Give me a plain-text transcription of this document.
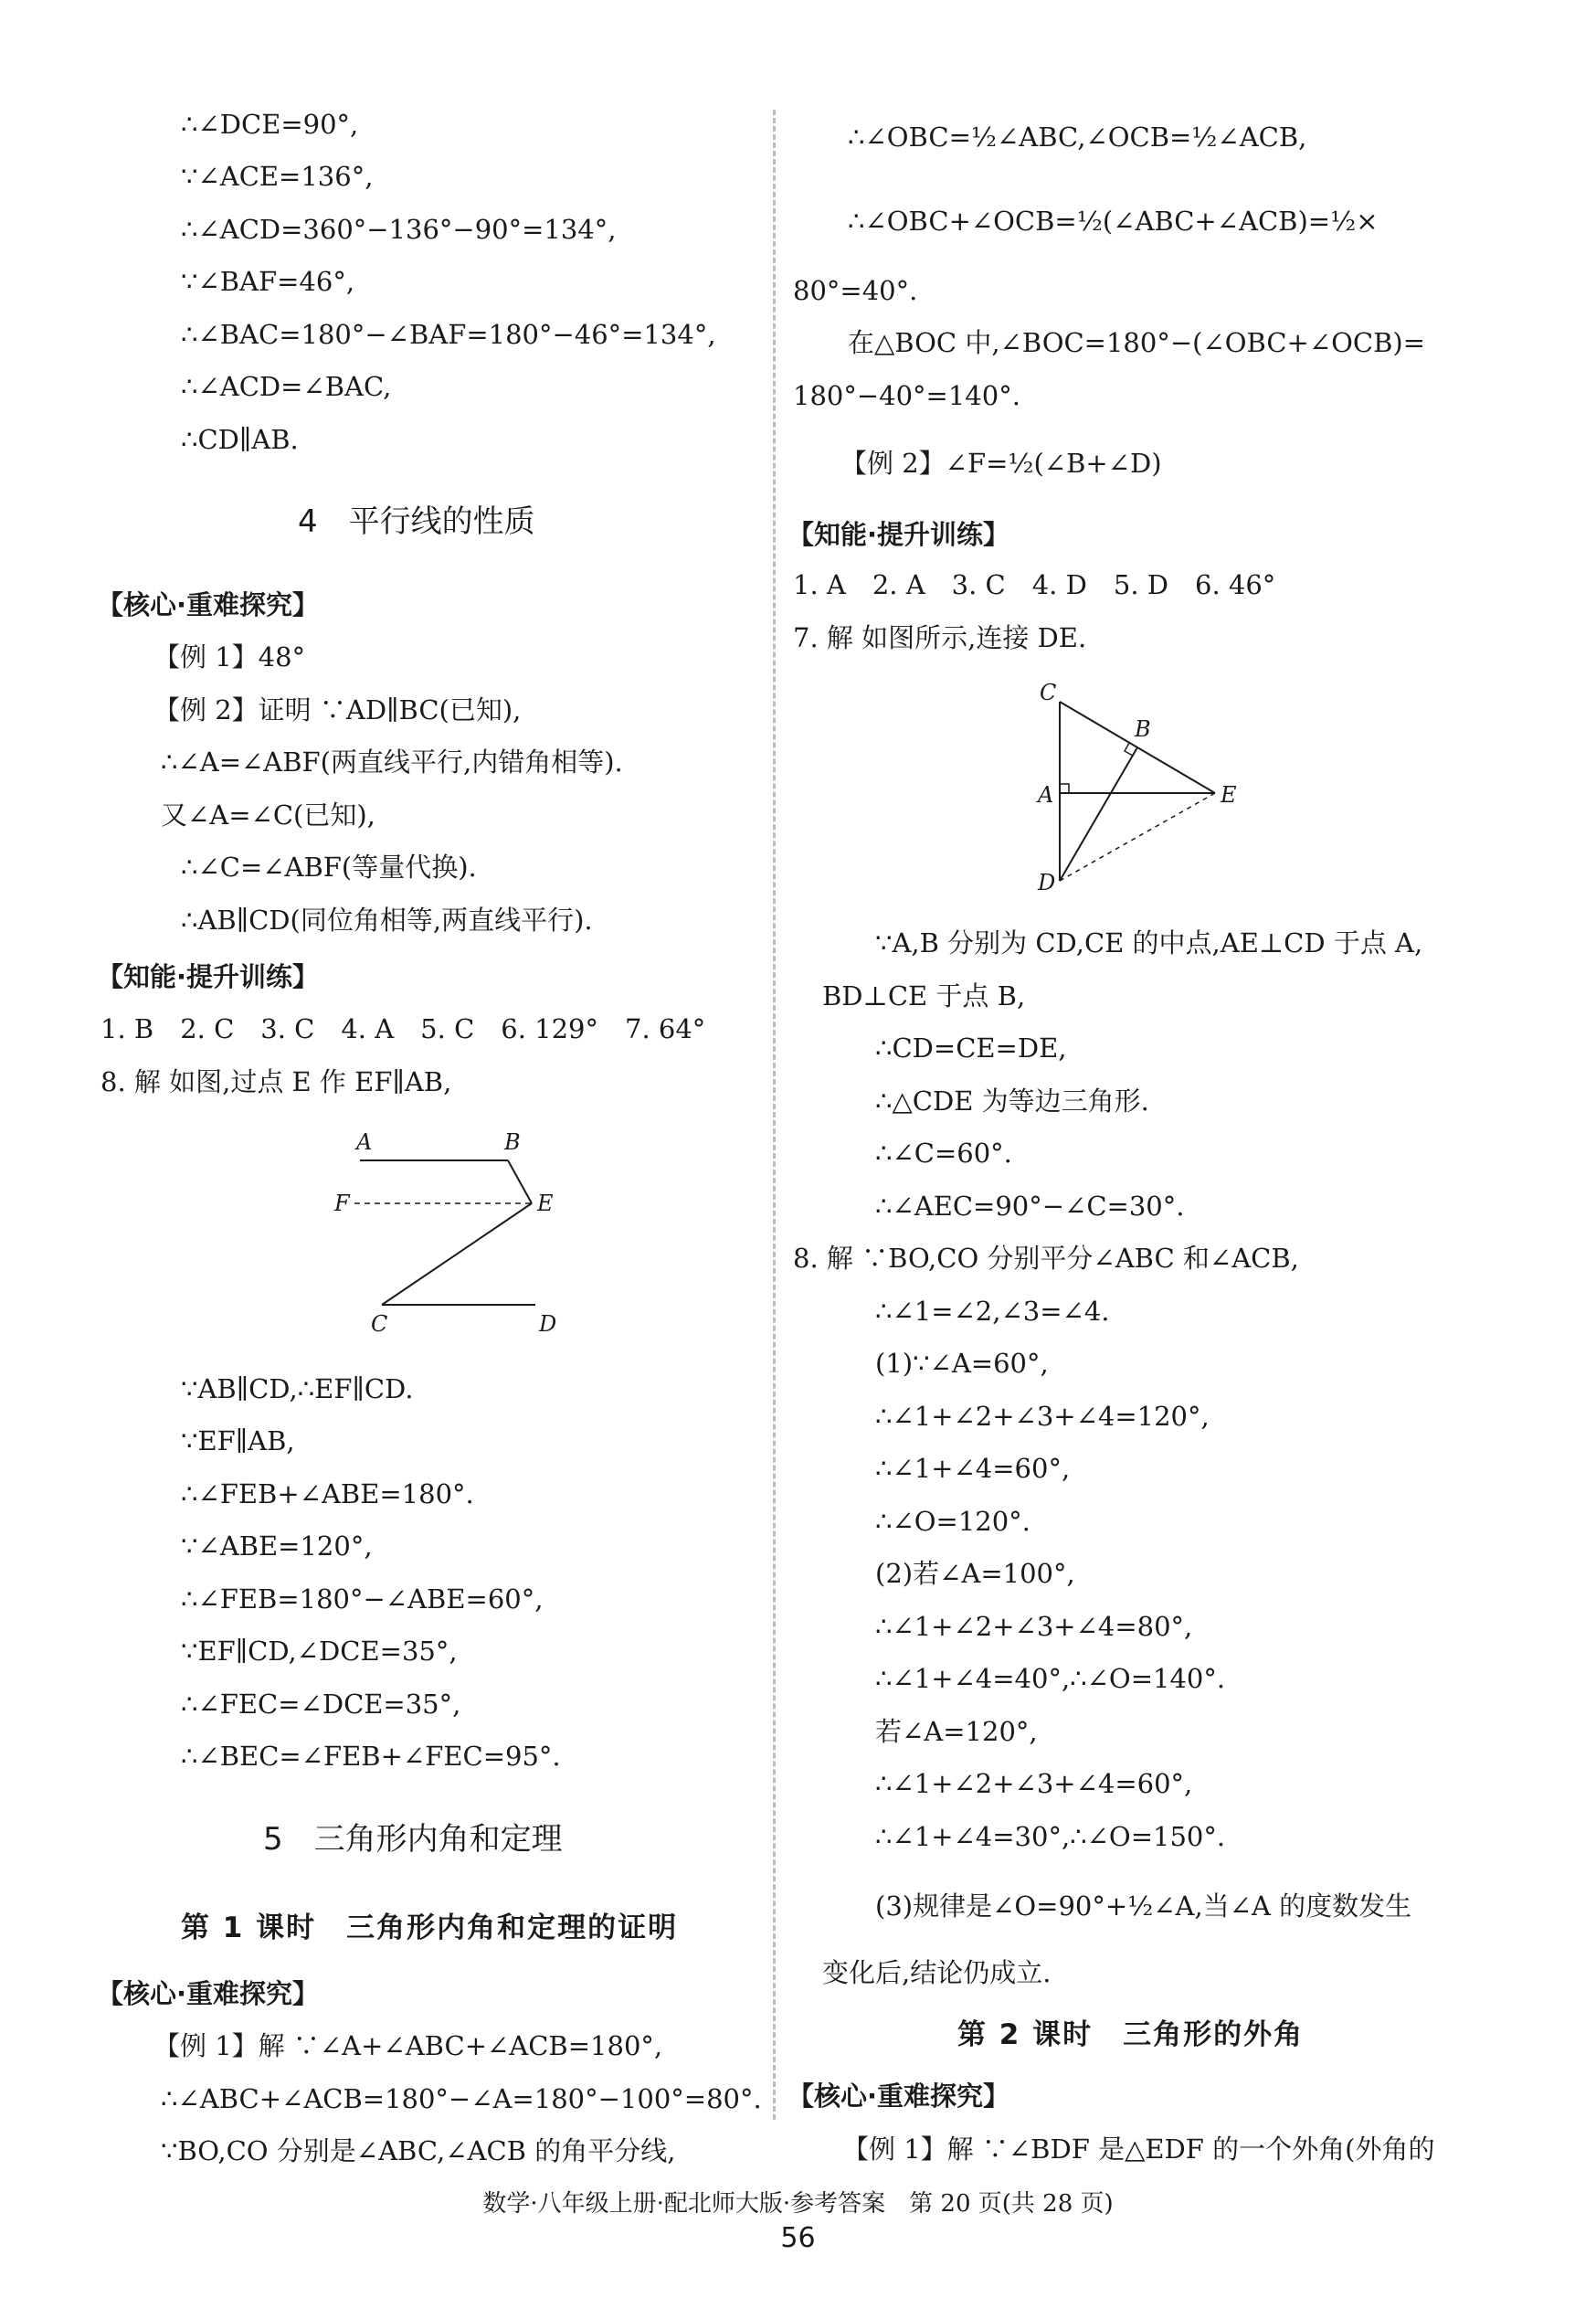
∴∠DCE=90°,
∵∠ACE=136°,
∴∠ACD=360°−136°−90°=134°,
∵∠BAF=46°,
∴∠BAC=180°−∠BAF=180°−46°=134°,
∴∠ACD=∠BAC,
∴CD∥AB.
4　平行线的性质
【核心·重难探究】
【例 1】48°
【例 2】证明 ∵AD∥BC(已知),
∴∠A=∠ABF(两直线平行,内错角相等).
又∠A=∠C(已知),
∴∠C=∠ABF(等量代换).
∴AB∥CD(同位角相等,两直线平行).
【知能·提升训练】
1. B　2. C　3. C　4. A　5. C　6. 129°　7. 64°
8. 解 如图,过点 E 作 EF∥AB,
A	B
F	E
C	D
∵AB∥CD,∴EF∥CD.
∵EF∥AB,
∴∠FEB+∠ABE=180°.
∵∠ABE=120°,
∴∠FEB=180°−∠ABE=60°,
∵EF∥CD,∠DCE=35°,
∴∠FEC=∠DCE=35°,
∴∠BEC=∠FEB+∠FEC=95°.
5　三角形内角和定理
第 1 课时　三角形内角和定理的证明
【核心·重难探究】
【例 1】解 ∵∠A+∠ABC+∠ACB=180°,
∴∠ABC+∠ACB=180°−∠A=180°−100°=80°.
∵BO,CO 分别是∠ABC,∠ACB 的角平分线,
∴∠OBC=½∠ABC,∠OCB=½∠ACB,
∴∠OBC+∠OCB=½(∠ABC+∠ACB)=½×
80°=40°.
在△BOC 中,∠BOC=180°−(∠OBC+∠OCB)=
180°−40°=140°.
【例 2】∠F=½(∠B+∠D)
【知能·提升训练】
1. A　2. A　3. C　4. D　5. D　6. 46°
7. 解 如图所示,连接 DE.
C
B
A	E
D
∵A,B 分别为 CD,CE 的中点,AE⊥CD 于点 A,
BD⊥CE 于点 B,
∴CD=CE=DE,
∴△CDE 为等边三角形.
∴∠C=60°.
∴∠AEC=90°−∠C=30°.
8. 解 ∵BO,CO 分别平分∠ABC 和∠ACB,
∴∠1=∠2,∠3=∠4.
(1)∵∠A=60°,
∴∠1+∠2+∠3+∠4=120°,
∴∠1+∠4=60°,
∴∠O=120°.
(2)若∠A=100°,
∴∠1+∠2+∠3+∠4=80°,
∴∠1+∠4=40°,∴∠O=140°.
若∠A=120°,
∴∠1+∠2+∠3+∠4=60°,
∴∠1+∠4=30°,∴∠O=150°.
(3)规律是∠O=90°+½∠A,当∠A 的度数发生
变化后,结论仍成立.
第 2 课时　三角形的外角
【核心·重难探究】
【例 1】解 ∵∠BDF 是△EDF 的一个外角(外角的
数学·八年级上册·配北师大版·参考答案　第 20 页(共 28 页)
56
